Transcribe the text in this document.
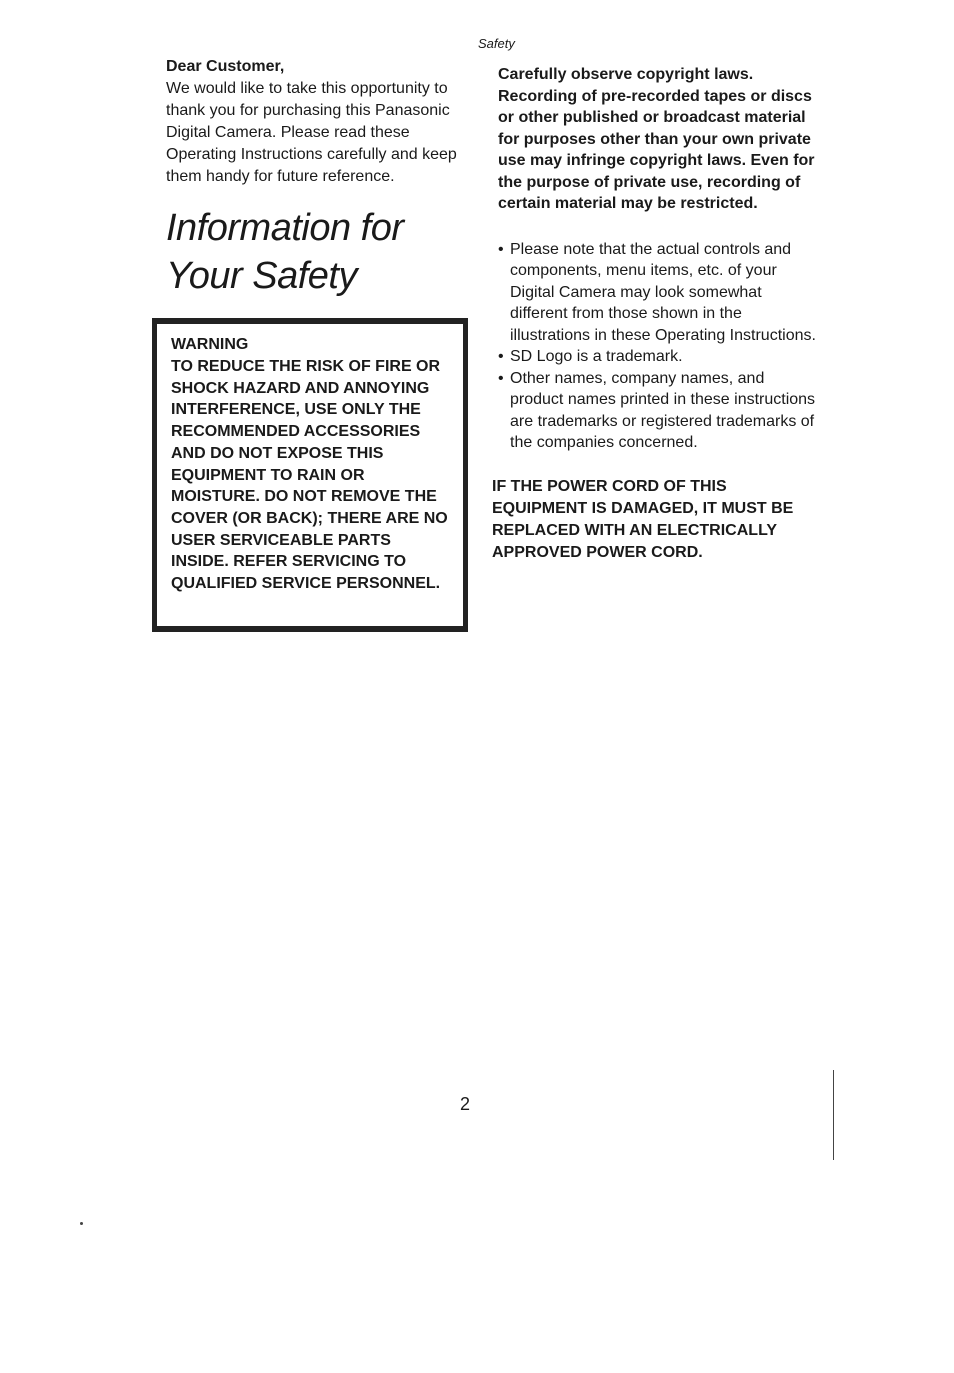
Safety

Dear Customer,

We would like to take this opportunity to thank you for purchasing this Panasonic Digital Camera. Please read these Operating Instructions carefully and keep them handy for future reference.

Information for
Your Safety

WARNING

TO REDUCE THE RISK OF FIRE OR SHOCK HAZARD AND ANNOYING INTERFERENCE, USE ONLY THE RECOMMENDED ACCESSORIES AND DO NOT EXPOSE THIS EQUIPMENT TO RAIN OR MOISTURE. DO NOT REMOVE THE COVER (OR BACK); THERE ARE NO USER SERVICEABLE PARTS INSIDE. REFER SERVICING TO QUALIFIED SERVICE PERSONNEL.

Carefully observe copyright laws. Recording of pre-recorded tapes or discs or other published or broadcast material for purposes other than your own private use may infringe copyright laws. Even for the purpose of private use, recording of certain material may be restricted.

• Please note that the actual controls and components, menu items, etc. of your Digital Camera may look somewhat different from those shown in the illustrations in these Operating Instructions.
• SD Logo is a trademark.
• Other names, company names, and product names printed in these instructions are trademarks or registered trademarks of the companies concerned.

IF THE POWER CORD OF THIS EQUIPMENT IS DAMAGED, IT MUST BE REPLACED WITH AN ELECTRICALLY APPROVED POWER CORD.

2
